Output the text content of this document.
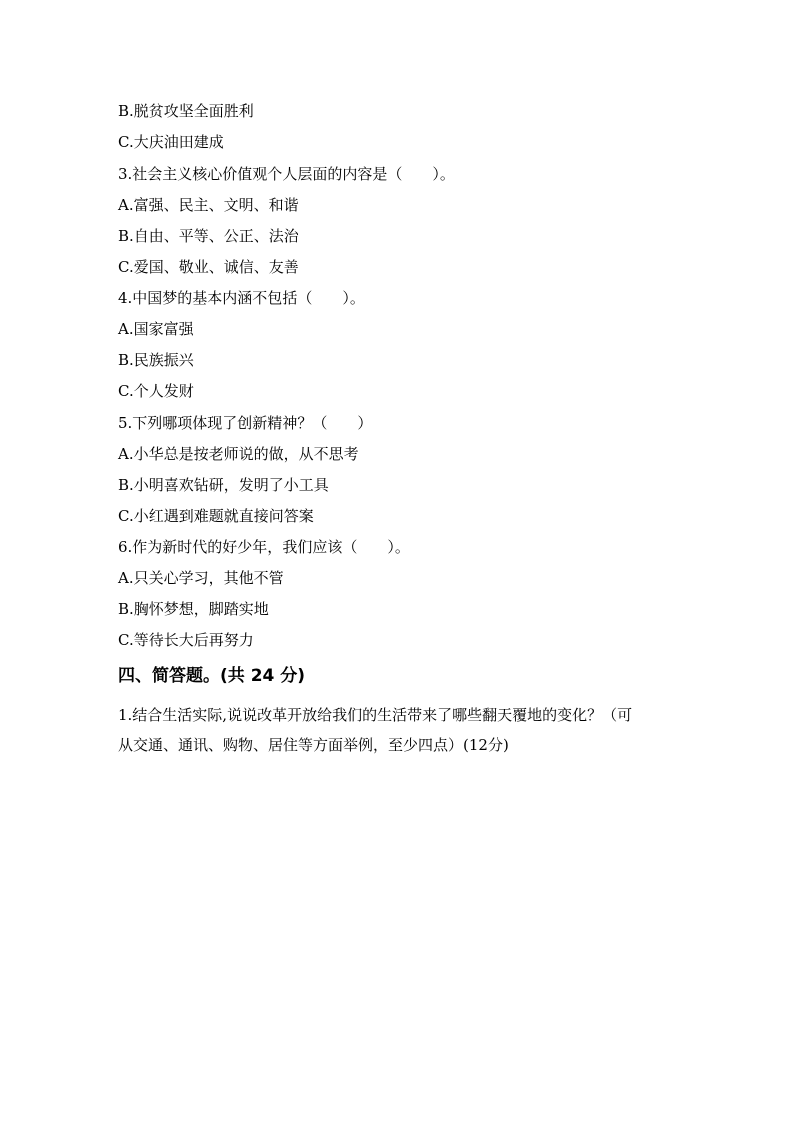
B.脱贫攻坚全面胜利
C.大庆油田建成
3.社会主义核心价值观个人层面的内容是（　　）。
A.富强、民主、文明、和谐
B.自由、平等、公正、法治
C.爱国、敬业、诚信、友善
4.中国梦的基本内涵不包括（　　）。
A.国家富强
B.民族振兴
C.个人发财
5.下列哪项体现了创新精神？（　　）
A.小华总是按老师说的做，从不思考
B.小明喜欢钻研，发明了小工具
C.小红遇到难题就直接问答案
6.作为新时代的好少年，我们应该（　　）。
A.只关心学习，其他不管
B.胸怀梦想，脚踏实地
C.等待长大后再努力
四、简答题。(共 24 分)
1.结合生活实际,说说改革开放给我们的生活带来了哪些翻天覆地的变化？（可
从交通、通讯、购物、居住等方面举例，至少四点）(12分)
